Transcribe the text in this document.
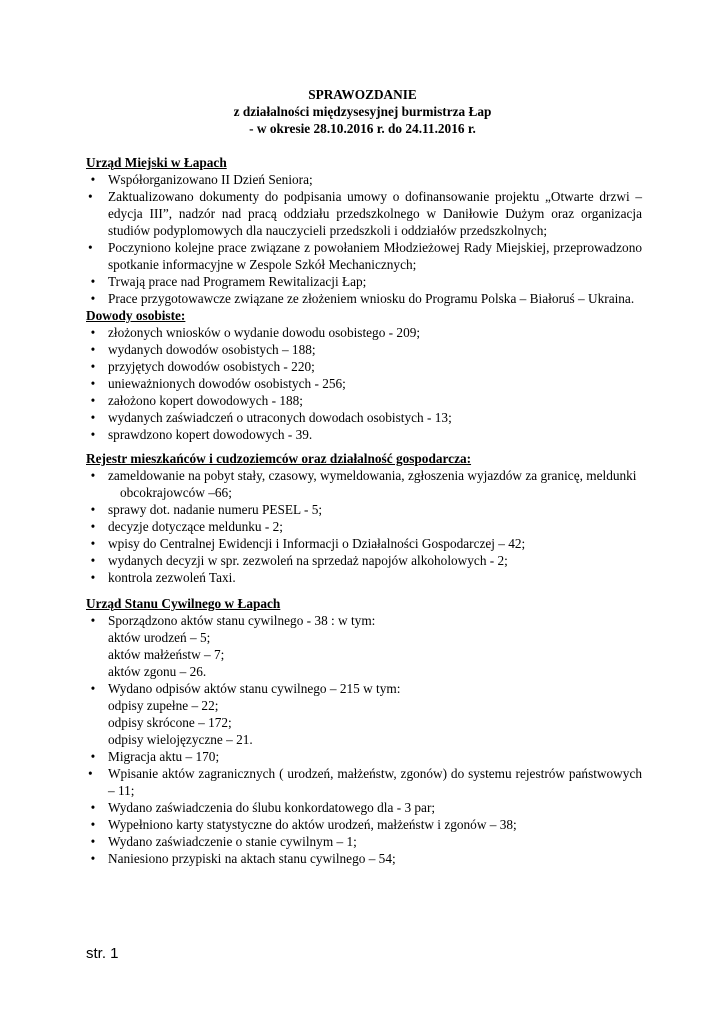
SPRAWOZDANIE
z działalności międzysesyjnej burmistrza Łap
- w okresie 28.10.2016 r. do 24.11.2016 r.
Urząd Miejski w Łapach
• Współorganizowano II Dzień Seniora;
•	Zaktualizowano dokumenty do podpisania umowy o dofinansowanie projektu „Otwarte drzwi – edycja III”, nadzór nad pracą oddziału przedszkolnego w Daniłowie Dużym oraz organizacja studiów podyplomowych dla nauczycieli przedszkoli i oddziałów przedszkolnych;
•	Poczyniono kolejne prace związane z powołaniem Młodzieżowej Rady Miejskiej, przeprowadzono spotkanie informacyjne w Zespole Szkół Mechanicznych;
• Trwają prace nad Programem Rewitalizacji Łap;
• Prace przygotowawcze związane ze złożeniem wniosku do Programu Polska – Białoruś – Ukraina.
Dowody osobiste:
• złożonych wniosków o wydanie dowodu osobistego - 209;
• wydanych dowodów osobistych – 188;
• przyjętych dowodów osobistych - 220;
• unieważnionych dowodów osobistych - 256;
• założono kopert dowodowych - 188;
• wydanych zaświadczeń o utraconych dowodach osobistych - 13;
• sprawdzono kopert dowodowych - 39.
Rejestr mieszkańców i cudzoziemców oraz działalność gospodarcza:
• zameldowanie na pobyt stały, czasowy, wymeldowania, zgłoszenia wyjazdów za granicę, meldunki obcokrajowców –66;
• sprawy dot. nadanie numeru PESEL - 5;
• decyzje dotyczące meldunku - 2;
• wpisy do Centralnej Ewidencji i Informacji o Działalności Gospodarczej – 42;
• wydanych decyzji w spr. zezwoleń na sprzedaż napojów alkoholowych - 2;
• kontrola zezwoleń Taxi.
Urząd Stanu Cywilnego w Łapach
• Sporządzono aktów stanu cywilnego - 38 : w tym:
aktów urodzeń – 5;
aktów małżeństw – 7;
aktów zgonu – 26.
• Wydano odpisów aktów stanu cywilnego – 215 w tym:
odpisy zupełne – 22;
odpisy skrócone – 172;
odpisy wielojęzyczne – 21.
• Migracja aktu – 170;
•	Wpisanie aktów zagranicznych ( urodzeń, małżeństw, zgonów) do systemu rejestrów państwowych – 11;
• Wydano zaświadczenia do ślubu konkordatowego dla - 3 par;
• Wypełniono karty statystyczne do aktów urodzeń, małżeństw i zgonów – 38;
• Wydano zaświadczenie o stanie cywilnym – 1;
• Naniesiono przypiski na aktach stanu cywilnego – 54;
str. 1
